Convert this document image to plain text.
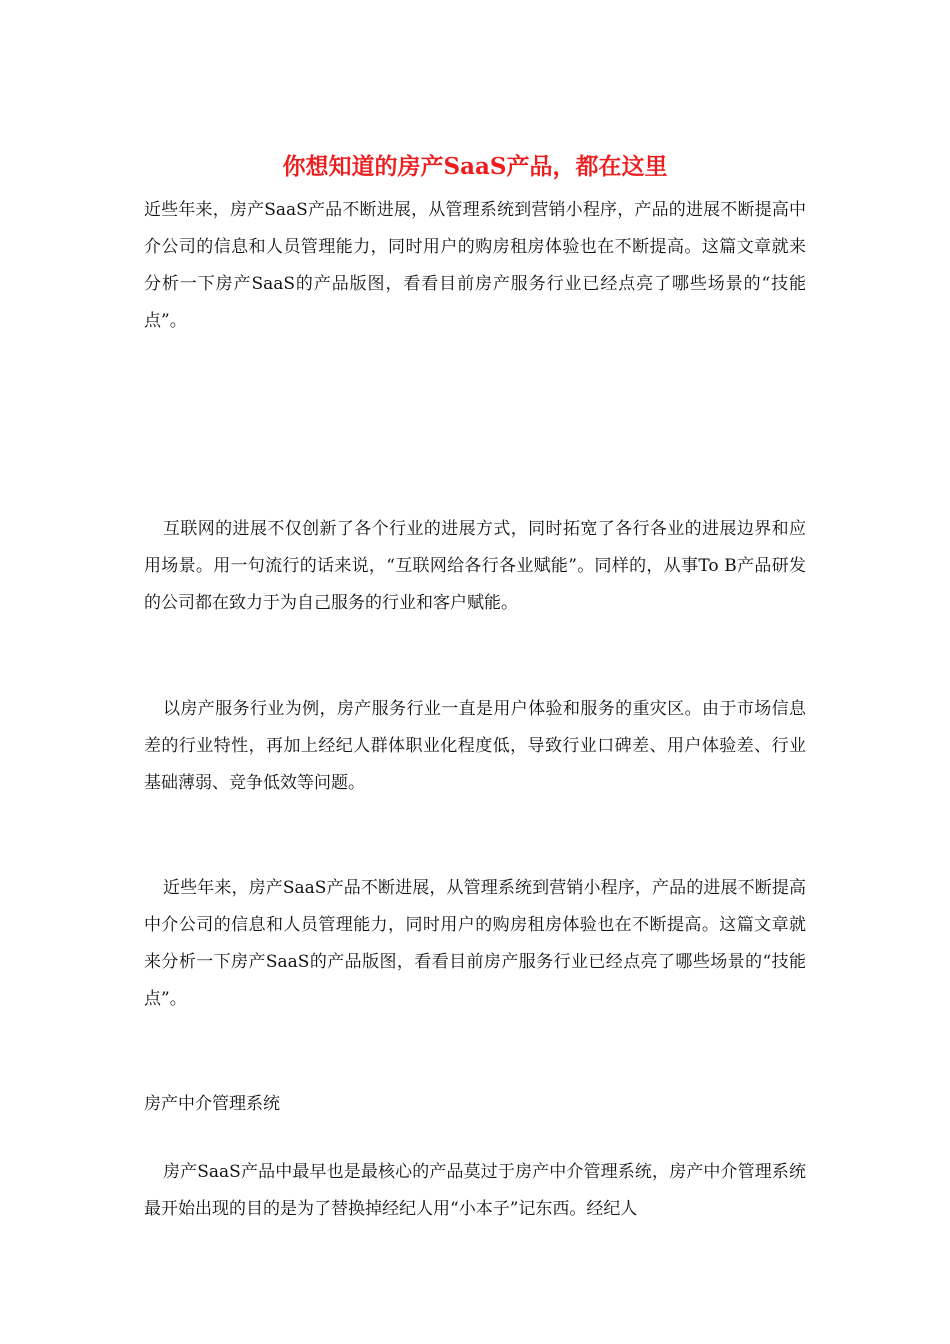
你想知道的房产SaaS产品，都在这里

近些年来，房产SaaS产品不断进展，从管理系统到营销小程序，产品的进展不断提高中介公司的信息和人员管理能力，同时用户的购房租房体验也在不断提高。这篇文章就来分析一下房产SaaS的产品版图，看看目前房产服务行业已经点亮了哪些场景的“技能点”。

互联网的进展不仅创新了各个行业的进展方式，同时拓宽了各行各业的进展边界和应用场景。用一句流行的话来说，“互联网给各行各业赋能”。同样的，从事To B产品研发的公司都在致力于为自己服务的行业和客户赋能。

以房产服务行业为例，房产服务行业一直是用户体验和服务的重灾区。由于市场信息差的行业特性，再加上经纪人群体职业化程度低，导致行业口碑差、用户体验差、行业基础薄弱、竞争低效等问题。

近些年来，房产SaaS产品不断进展，从管理系统到营销小程序，产品的进展不断提高中介公司的信息和人员管理能力，同时用户的购房租房体验也在不断提高。这篇文章就来分析一下房产SaaS的产品版图，看看目前房产服务行业已经点亮了哪些场景的“技能点”。

房产中介管理系统

房产SaaS产品中最早也是最核心的产品莫过于房产中介管理系统，房产中介管理系统最开始出现的目的是为了替换掉经纪人用“小本子”记东西。经纪人
